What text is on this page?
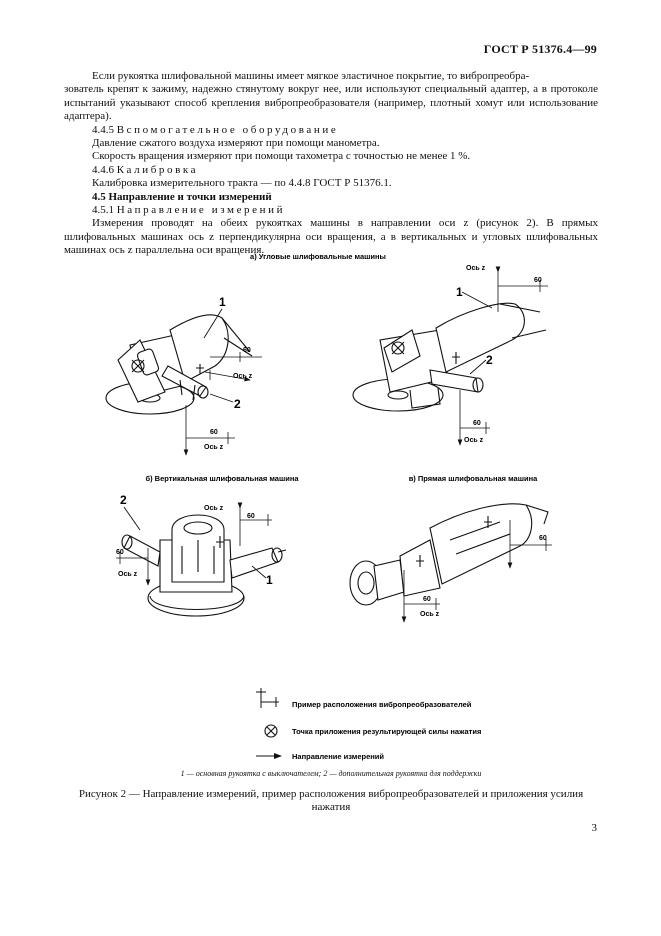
ГОСТ Р 51376.4—99

Если рукоятка шлифовальной машины имеет мягкое эластичное покрытие, то вибропреобра-

зователь крепят к зажиму, надежно стянутому вокруг нее, или используют специальный адаптер, а в протоколе испытаний указывают способ крепления вибропреобразователя (например, плотный хомут или использование адаптера).

4.4.5 Вспомогательное оборудование

Давление сжатого воздуха измеряют при помощи манометра.

Скорость вращения измеряют при помощи тахометра с точностью не менее 1 %.

4.4.6 Калибровка

Калибровка измерительного тракта — по 4.4.8 ГОСТ Р 51376.1.

4.5 Направление и точки измерений

4.5.1 Направление измерений

Измерения проводят на обеих рукоятках машины в направлении оси z (рисунок 2). В прямых

шлифовальных машинах ось z перпендикулярна оси вращения, а в вертикальных и угловых шлифовальных машинах ось z параллельна оси вращения.

а) Угловые шлифовальные машины
б) Вертикальная шлифовальная машина	в) Прямая шлифовальная машина
1
2
60
Ось z
60
Ось z
1
2
60
Ось z
60
Ось z
2
1
60
Ось z
60
Ось z
60
60
Ось z
Пример расположения вибропреобразователей
Точка приложения результирующей силы нажатия
Направление измерений
1 — основная рукоятка с выключателем; 2 — дополнительная рукоятка для поддержки
Рисунок 2 — Направление измерений, пример расположения вибропреобразователей и приложения усилия нажатия
3
